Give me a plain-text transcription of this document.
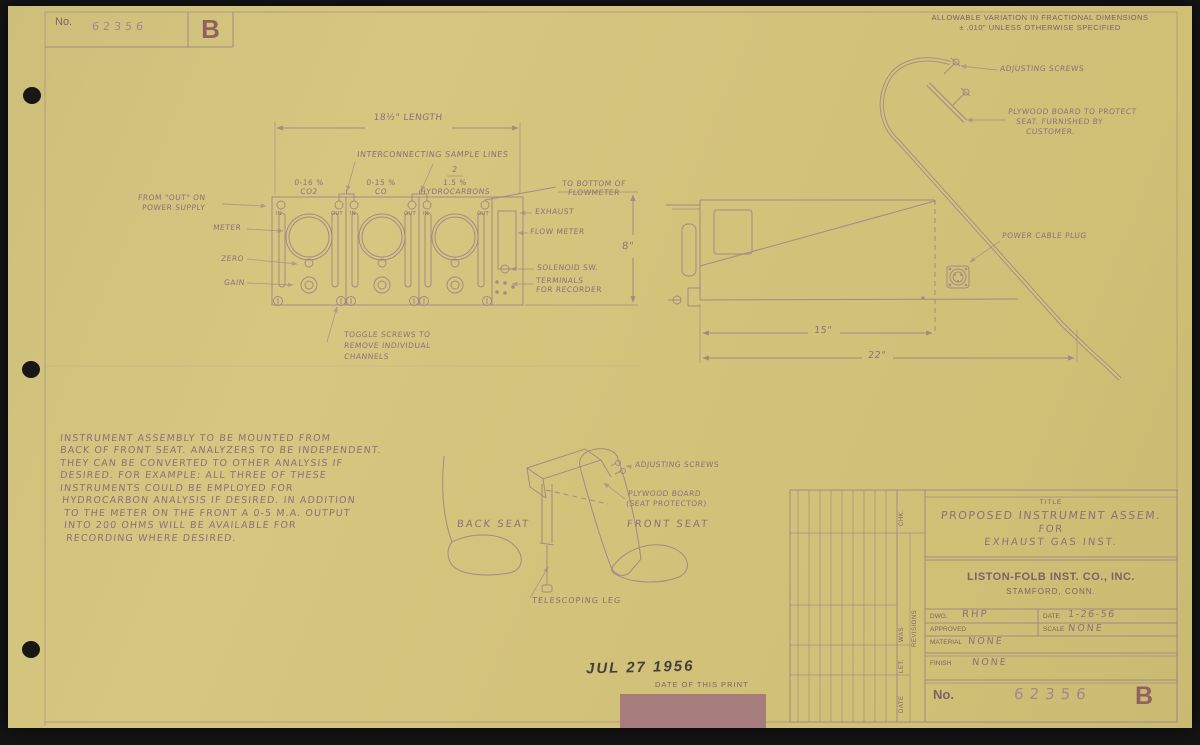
No. 62356	B	ALLOWABLE VARIATION IN FRACTIONAL DIMENSIONS
± .010" UNLESS OTHERWISE SPECIFIED
18½" LENGTH
INTERCONNECTING SAMPLE LINES
2
0-16 %
CO2
0-15 %
CO
1.5 %
HYDROCARBONS
FROM "OUT" ON
POWER SUPPLY
METER
ZERO
GAIN
IN	OUT IN	OUT IN	OUT
TO BOTTOM OF
FLOWMETER
EXHAUST
FLOW METER
SOLENOID SW.
TERMINALS
FOR RECORDER
8"
TOGGLE SCREWS TO
REMOVE INDIVIDUAL
CHANNELS
ADJUSTING SCREWS
PLYWOOD BOARD TO PROTECT
SEAT. FURNISHED BY
CUSTOMER.
POWER CABLE PLUG
15"
22"
INSTRUMENT ASSEMBLY TO BE MOUNTED FROM
BACK OF FRONT SEAT. ANALYZERS TO BE INDEPENDENT.
THEY CAN BE CONVERTED TO OTHER ANALYSIS IF
DESIRED. FOR EXAMPLE: ALL THREE OF THESE
INSTRUMENTS COULD BE EMPLOYED FOR
HYDROCARBON ANALYSIS IF DESIRED. IN ADDITION
TO THE METER ON THE FRONT A 0-5 M.A. OUTPUT
INTO 200 OHMS WILL BE AVAILABLE FOR
RECORDING WHERE DESIRED.
BACK SEAT	FRONT SEAT
ADJUSTING SCREWS
PLYWOOD BOARD
(SEAT PROTECTOR)
TELESCOPING LEG
JUL 27 1956
DATE OF THIS PRINT
CHK.
REVISIONS
WAS
LET.
DATE
TITLE
PROPOSED INSTRUMENT ASSEM.
FOR
EXHAUST GAS INST.
LISTON-FOLB INST. CO., INC.
STAMFORD, CONN.
DWG. RHP	DATE 1-26-56
APPROVED	SCALE NONE
MATERIAL NONE
FINISH NONE
No.	62356 B
